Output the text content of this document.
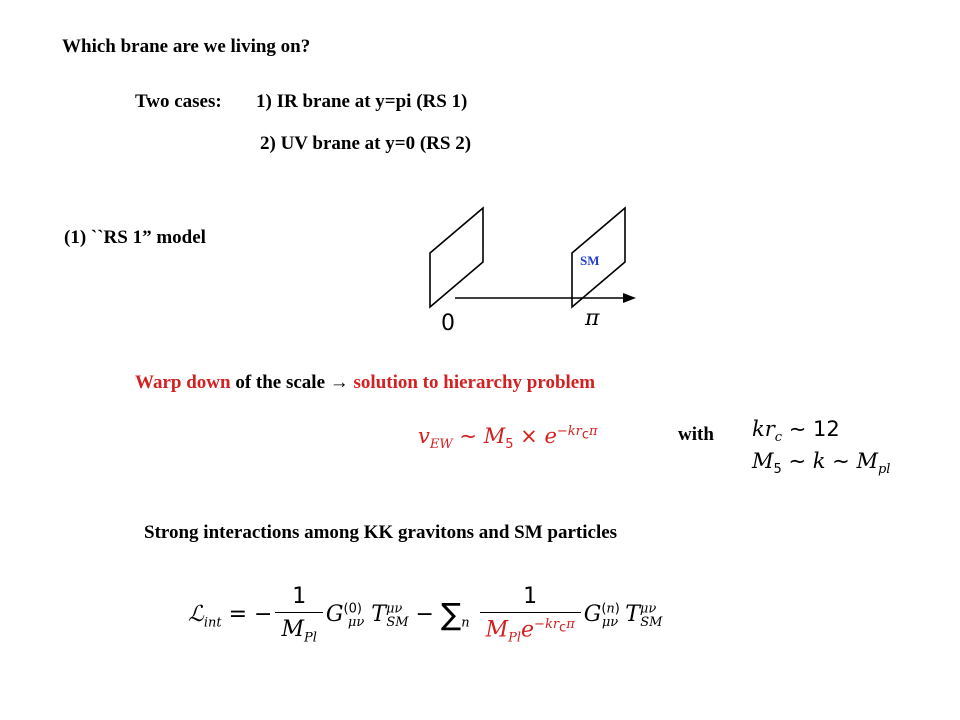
Which brane are we living on?
Two cases: 1) IR brane at y=pi (RS 1)
2) UV brane at y=0 (RS 2)
(1) ``RS 1” model
SM
0	π
Warp down of the scale → solution to hierarchy problem
$v_{EW}$ ∼ $M_5 \times e^{-kr_c\pi}$	with $kr_c$ ∼ 12
$M_5$ ∼ k ∼ $M_{pl}$
Strong interactions among KK gravitons and SM particles
ℒ$_{int}$ = − $\frac{1}{M_{Pl}} G^{(0)}_{\mu\nu}$ $T^{\mu\nu}_{SM} - \sum_n \frac{1}{M_{Pl}e^{-kr_c\pi}} G^{(n)}_{\mu\nu}$ $T^{\mu\nu}_{SM}$
